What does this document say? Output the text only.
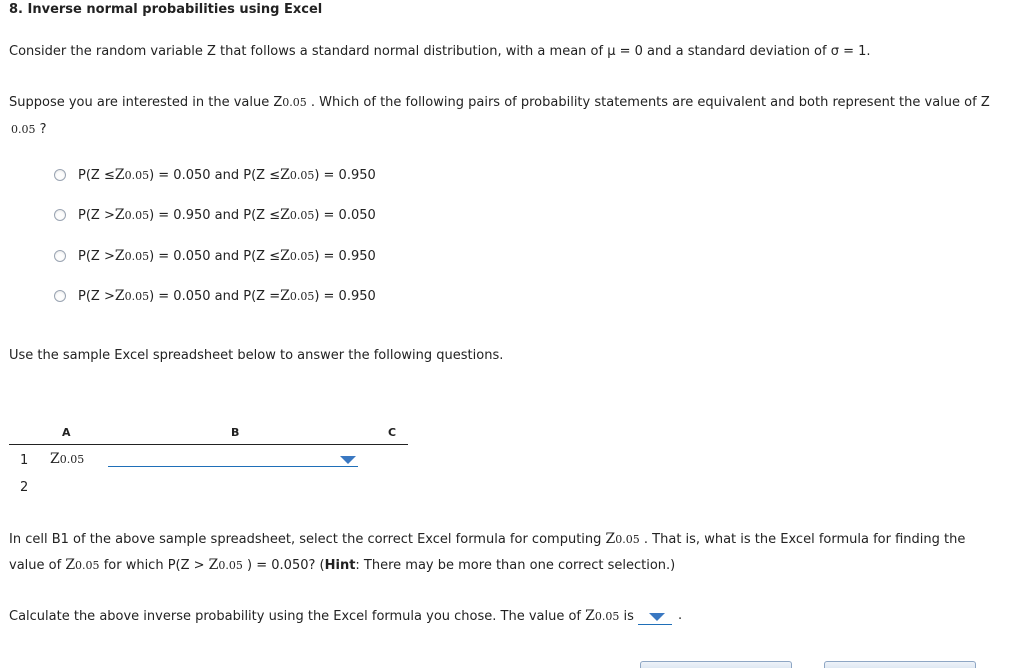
8. Inverse normal probabilities using Excel
Consider the random variable Z that follows a standard normal distribution, with a mean of μ = 0 and a standard deviation of σ = 1.
Suppose you are interested in the value Z0.05 . Which of the following pairs of probability statements are equivalent and both represent the value of Z
0.05 ?
P(Z ≤ Z 0.05 ) = 0.050 and P(Z ≤ Z 0.05 ) = 0.950
P(Z > Z 0.05 ) = 0.950 and P(Z ≤ Z 0.05 ) = 0.050
P(Z > Z 0.05 ) = 0.050 and P(Z ≤ Z 0.05 ) = 0.950
P(Z > Z 0.05 ) = 0.050 and P(Z = Z 0.05 ) = 0.950
Use the sample Excel spreadsheet below to answer the following questions.
A	B	C
1 Z0.05
2
In cell B1 of the above sample spreadsheet, select the correct Excel formula for computing Z0.05 . That is, what is the Excel formula for finding the
value of Z0.05 for which P(Z > Z0.05 ) = 0.050? (Hint: There may be more than one correct selection.)
Calculate the above inverse probability using the Excel formula you chose. The value of Z0.05 is	.
